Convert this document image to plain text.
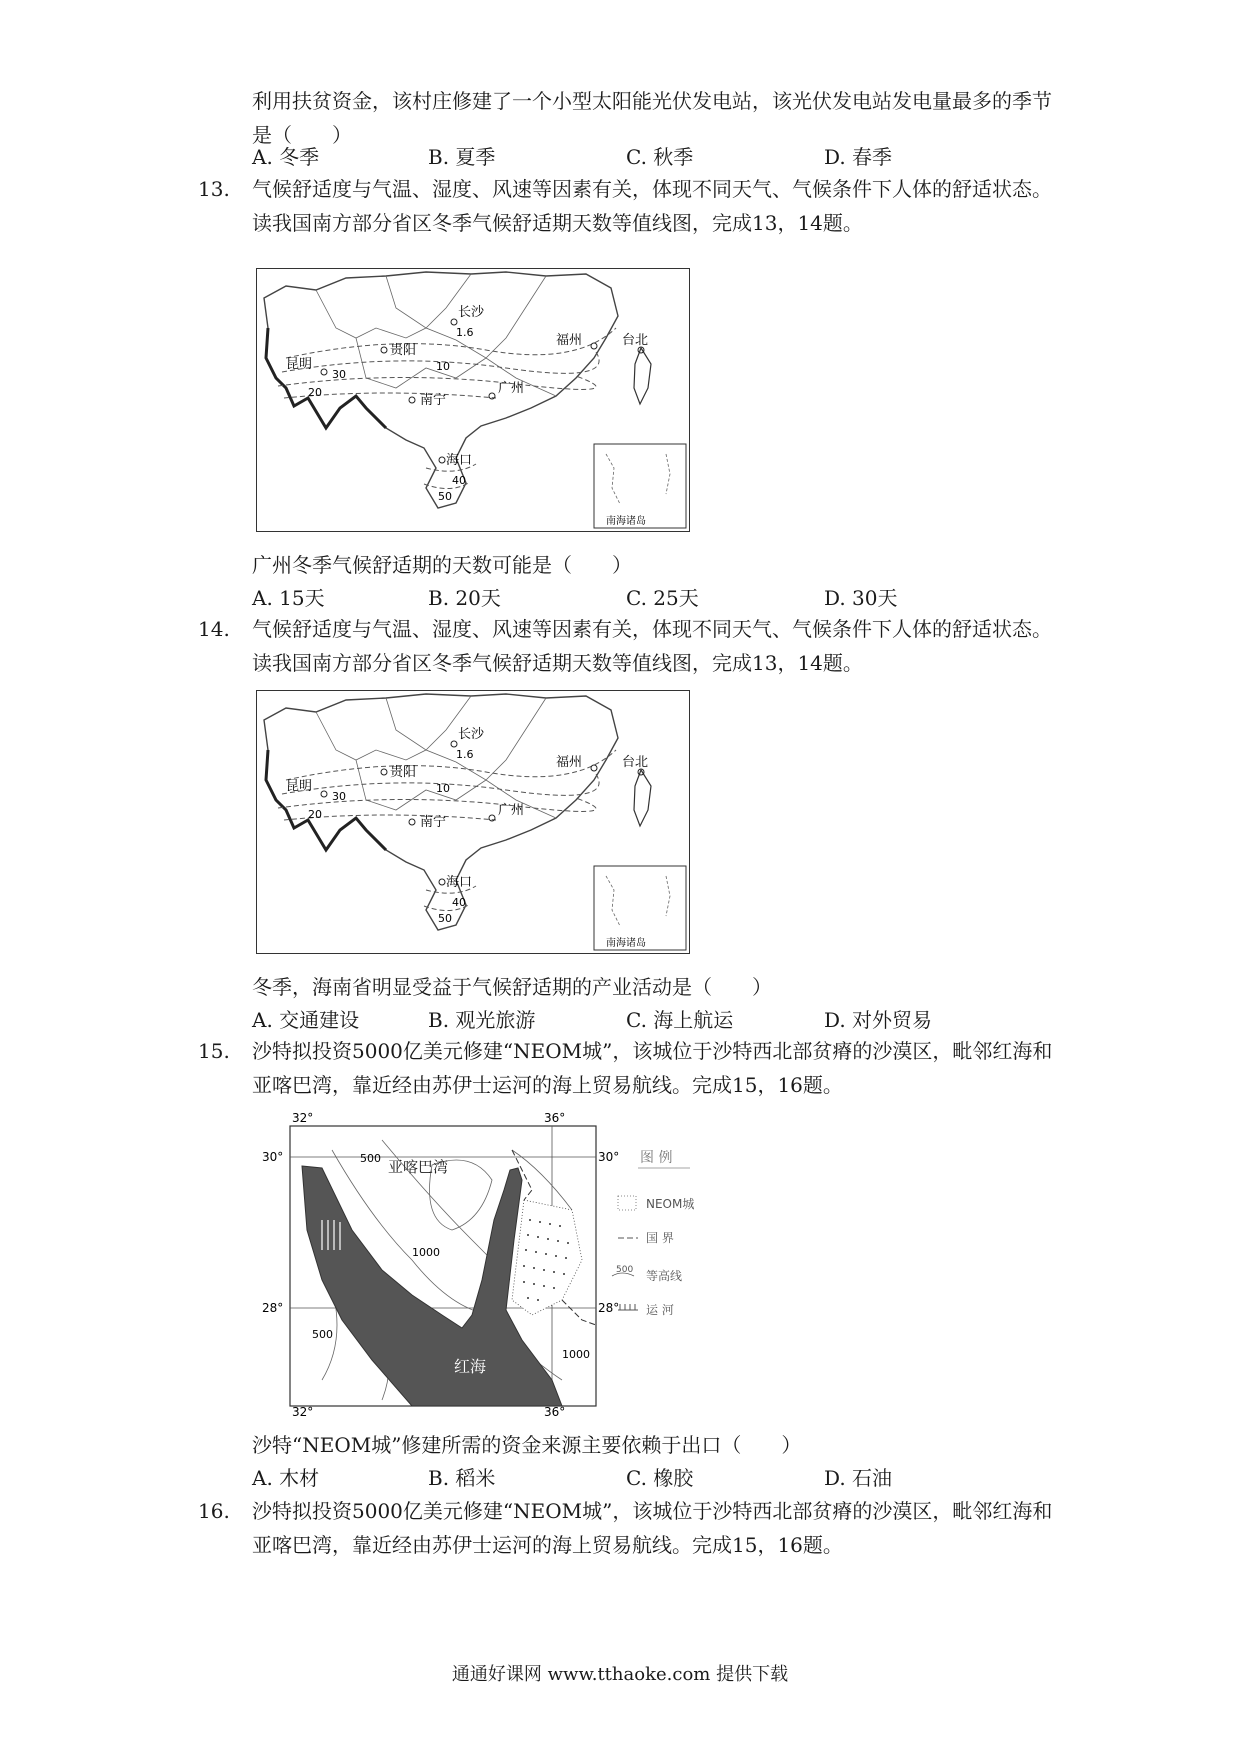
利用扶贫资金，该村庄修建了一个小型太阳能光伏发电站，该光伏发电站发电量最多的季节是（　　）
A. 冬季	B. 夏季	C. 秋季	D. 春季
13. 气候舒适度与气温、湿度、风速等因素有关，体现不同天气、气候条件下人体的舒适状态。读我国南方部分省区冬季气候舒适期天数等值线图，完成13，14题。
长沙
贵阳
昆明
福州	台北
南宁
广州
海口
1.6
10
20
30
40
50
南海诸岛
广州冬季气候舒适期的天数可能是（　　）
A. 15天	B. 20天	C. 25天	D. 30天
14. 气候舒适度与气温、湿度、风速等因素有关，体现不同天气、气候条件下人体的舒适状态。读我国南方部分省区冬季气候舒适期天数等值线图，完成13，14题。
长沙
贵阳
昆明
福州	台北
南宁
广州
海口
1.6
10
20
30
40
50
南海诸岛
冬季，海南省明显受益于气候舒适期的产业活动是（　　）
A. 交通建设	B. 观光旅游	C. 海上航运	D. 对外贸易
15. 沙特拟投资5000亿美元修建“NEOM城”，该城位于沙特西北部贫瘠的沙漠区，毗邻红海和亚喀巴湾，靠近经由苏伊士运河的海上贸易航线。完成15，16题。
32°	36°
32°	36°
30°	30°
28°	28°
亚喀巴湾
红海
500
1000
500
1000
图 例
NEOM城
国 界
500 等高线
运 河
沙特“NEOM城”修建所需的资金来源主要依赖于出口（　　）
A. 木材	B. 稻米	C. 橡胶	D. 石油
16. 沙特拟投资5000亿美元修建“NEOM城”，该城位于沙特西北部贫瘠的沙漠区，毗邻红海和亚喀巴湾，靠近经由苏伊士运河的海上贸易航线。完成15，16题。
通通好课网 www.tthaoke.com 提供下载
